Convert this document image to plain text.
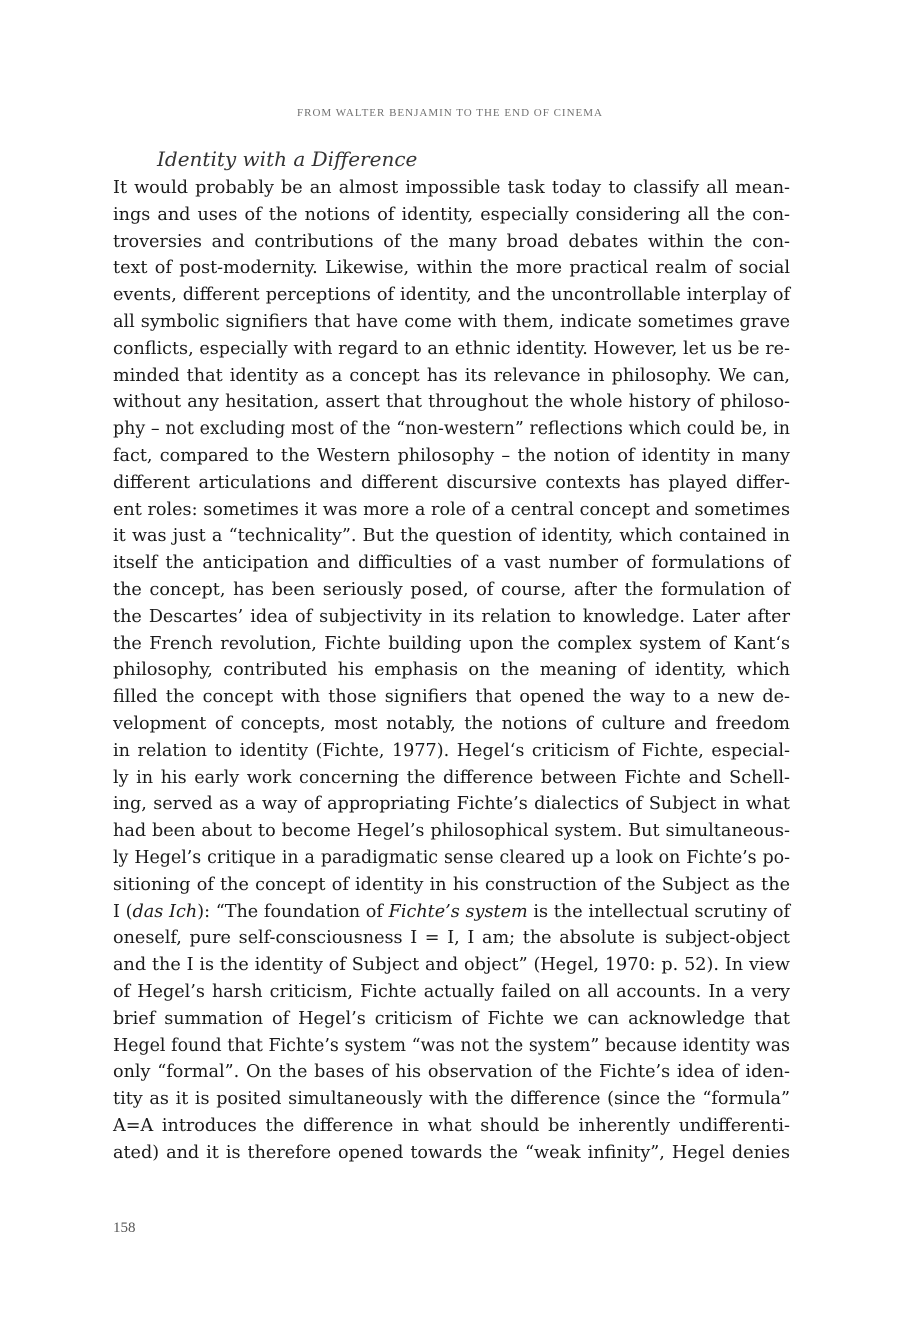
FROM WALTER BENJAMIN TO THE END OF CINEMA
Identity with a Difference
It would probably be an almost impossible task today to classify all mean-
ings and uses of the notions of identity, especially considering all the con-
troversies and contributions of the many broad debates within the con-
text of post-modernity. Likewise, within the more practical realm of social
events, different perceptions of identity, and the uncontrollable interplay of
all symbolic signifiers that have come with them, indicate sometimes grave
conflicts, especially with regard to an ethnic identity. However, let us be re-
minded that identity as a concept has its relevance in philosophy. We can,
without any hesitation, assert that throughout the whole history of philoso-
phy – not excluding most of the “non-western” reflections which could be, in
fact, compared to the Western philosophy – the notion of identity in many
different articulations and different discursive contexts has played differ-
ent roles: sometimes it was more a role of a central concept and sometimes
it was just a “technicality”. But the question of identity, which contained in
itself the anticipation and difficulties of a vast number of formulations of
the concept, has been seriously posed, of course, after the formulation of
the Descartes’ idea of subjectivity in its relation to knowledge. Later after
the French revolution, Fichte building upon the complex system of Kant‘s
philosophy, contributed his emphasis on the meaning of identity, which
filled the concept with those signifiers that opened the way to a new de-
velopment of concepts, most notably, the notions of culture and freedom
in relation to identity (Fichte, 1977). Hegel‘s criticism of Fichte, especial-
ly in his early work concerning the difference between Fichte and Schell-
ing, served as a way of appropriating Fichte’s dialectics of Subject in what
had been about to become Hegel’s philosophical system. But simultaneous-
ly Hegel’s critique in a paradigmatic sense cleared up a look on Fichte’s po-
sitioning of the concept of identity in his construction of the Subject as the
I (das Ich): “The foundation of Fichte’s system is the intellectual scrutiny of
oneself, pure self-consciousness I = I, I am; the absolute is subject-object
and the I is the identity of Subject and object” (Hegel, 1970: p. 52). In view
of Hegel’s harsh criticism, Fichte actually failed on all accounts. In a very
brief summation of Hegel’s criticism of Fichte we can acknowledge that
Hegel found that Fichte’s system “was not the system” because identity was
only “formal”. On the bases of his observation of the Fichte’s idea of iden-
tity as it is posited simultaneously with the difference (since the “formula”
A=A introduces the difference in what should be inherently undifferenti-
ated) and it is therefore opened towards the “weak infinity”, Hegel denies
158
